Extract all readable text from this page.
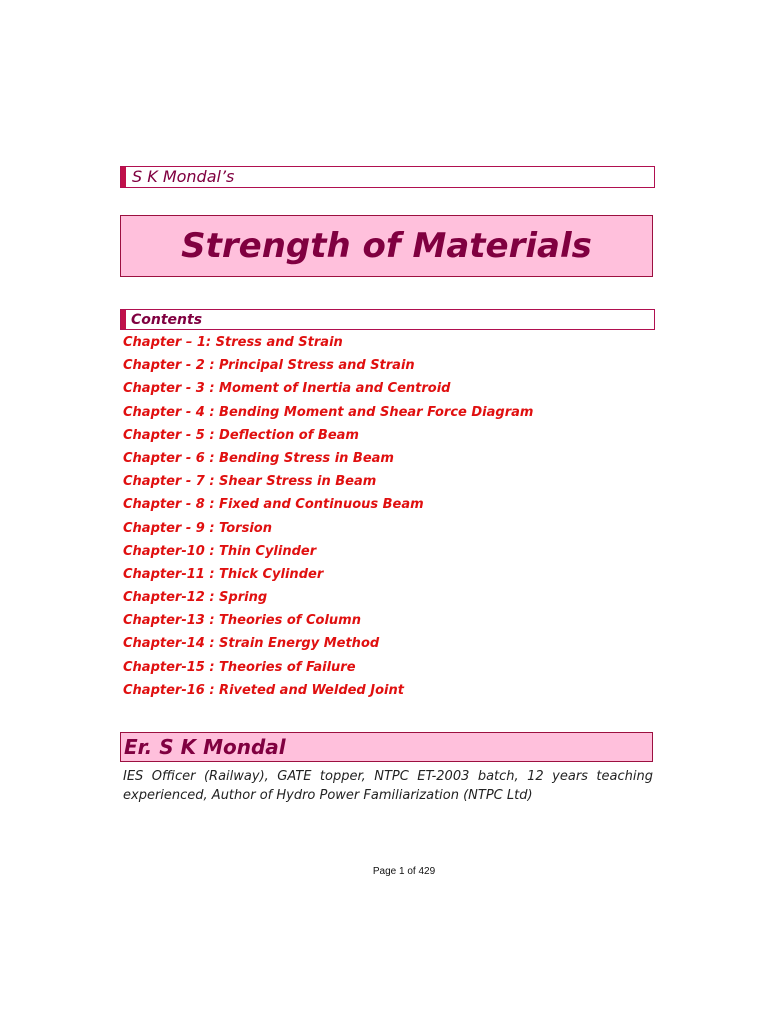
S K Mondal’s
Strength of Materials
Contents
Chapter – 1: Stress and Strain
Chapter - 2 : Principal Stress and Strain
Chapter - 3 : Moment of Inertia and Centroid
Chapter - 4 : Bending Moment and Shear Force Diagram
Chapter - 5 : Deflection of Beam
Chapter - 6 : Bending Stress in Beam
Chapter - 7 : Shear Stress in Beam
Chapter - 8 : Fixed and Continuous Beam
Chapter - 9 : Torsion
Chapter-10 : Thin Cylinder
Chapter-11 : Thick Cylinder
Chapter-12 : Spring
Chapter-13 : Theories of Column
Chapter-14 : Strain Energy Method
Chapter-15 : Theories of Failure
Chapter-16 : Riveted and Welded Joint
Er. S K Mondal

IES Officer (Railway), GATE topper, NTPC ET-2003 batch, 12 years teaching experienced, Author of Hydro Power Familiarization (NTPC Ltd)

Page 1 of 429
